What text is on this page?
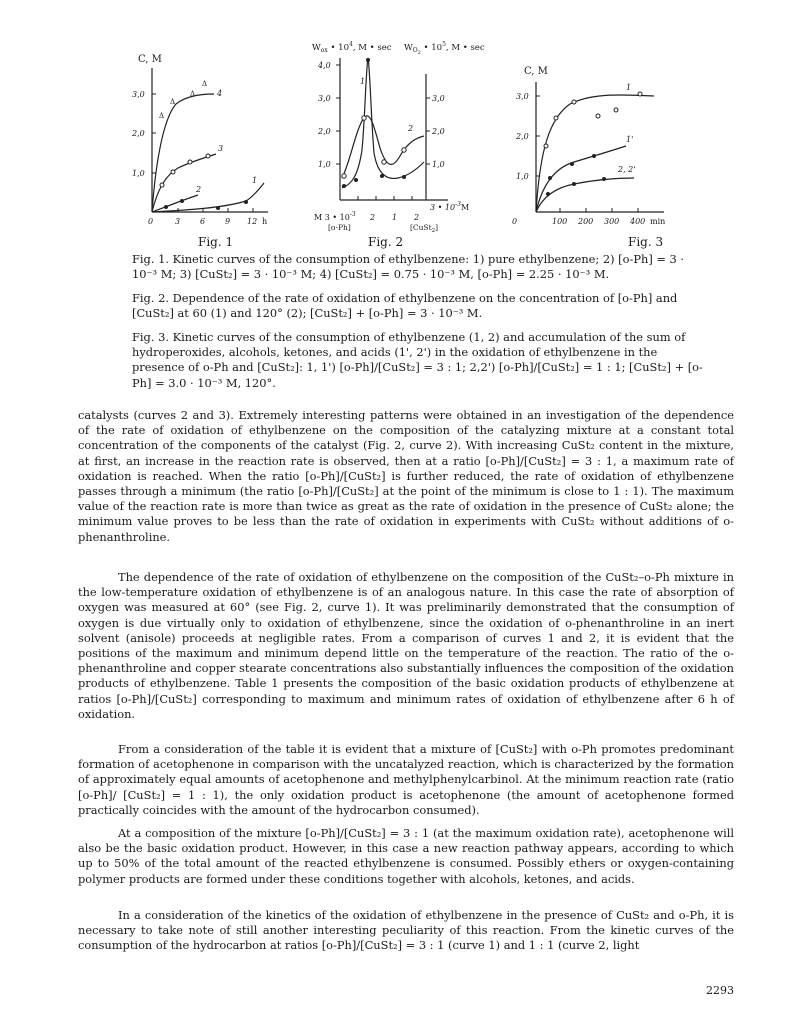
C, M
3,0
2,0
1,0
0	3 6 9 12 h
Δ
Δ
Δ
Δ
4
3
2
1
Fig. 1
$W_{ox}$ • $10^4$, M • $\sec W_{O2}$ • $10^5$, M • sec
4,0
3,0
2,0
1,0
3,0
2,0
1,0
1
2
3 • $10^{-3}M$
M 3 • $10^{-3}$ 2 1 2
[o-Ph]	[CuSt$_2$]
Fig. 2
C, M
3,0
2,0
1,0
0	100 200 300 400 min
1
1'
2, 2'
Fig. 3
Fig. 1. Kinetic curves of the consumption of ethylbenzene: 1) pure ethylbenzene; 2) [o-Ph] = 3 · 10⁻³ M; 3) [CuSt₂] = 3 · 10⁻³ M; 4) [CuSt₂] = 0.75 · 10⁻³ M, [o-Ph] = 2.25 · 10⁻³ M.
Fig. 2. Dependence of the rate of oxidation of ethylbenzene on the concentration of [o-Ph] and [CuSt₂] at 60 (1) and 120° (2); [CuSt₂] + [o-Ph] = 3 · 10⁻³ M.
Fig. 3. Kinetic curves of the consumption of ethylbenzene (1, 2) and accumulation of the sum of hydroperoxides, alcohols, ketones, and acids (1', 2') in the oxidation of ethylbenzene in the presence of o-Ph and [CuSt₂]: 1, 1') [o-Ph]/[CuSt₂] = 3 : 1; 2,2') [o-Ph]/[CuSt₂] = 1 : 1; [CuSt₂] + [o-Ph] = 3.0 · 10⁻³ M, 120°.
catalysts (curves 2 and 3). Extremely interesting patterns were obtained in an investigation of the dependence of the rate of oxidation of ethylbenzene on the composition of the catalyzing mixture at a constant total concentration of the components of the catalyst (Fig. 2, curve 2). With increasing CuSt₂ content in the mixture, at first, an increase in the reaction rate is observed, then at a ratio [o-Ph]/[CuSt₂] = 3 : 1, a maximum rate of oxidation is reached. When the ratio [o-Ph]/[CuSt₂] is further reduced, the rate of oxidation of ethylbenzene passes through a minimum (the ratio [o-Ph]/[CuSt₂] at the point of the minimum is close to 1 : 1). The maximum value of the reaction rate is more than twice as great as the rate of oxidation in the presence of CuSt₂ alone; the minimum value proves to be less than the rate of oxidation in experiments with CuSt₂ without additions of o-phenanthroline.
The dependence of the rate of oxidation of ethylbenzene on the composition of the CuSt₂–o-Ph mixture in the low-temperature oxidation of ethylbenzene is of an analogous nature. In this case the rate of absorption of oxygen was measured at 60° (see Fig. 2, curve 1). It was preliminarily demonstrated that the consumption of oxygen is due virtually only to oxidation of ethylbenzene, since the oxidation of o-phenanthroline in an inert solvent (anisole) proceeds at negligible rates. From a comparison of curves 1 and 2, it is evident that the positions of the maximum and minimum depend little on the temperature of the reaction. The ratio of the o-phenanthroline and copper stearate concentrations also substantially influences the composition of the oxidation products of ethylbenzene. Table 1 presents the composition of the basic oxidation products of ethylbenzene at ratios [o-Ph]/[CuSt₂] corresponding to maximum and minimum rates of oxidation of ethylbenzene after 6 h of oxidation.
From a consideration of the table it is evident that a mixture of [CuSt₂] with o-Ph promotes predominant formation of acetophenone in comparison with the uncatalyzed reaction, which is characterized by the formation of approximately equal amounts of acetophenone and methylphenylcarbinol. At the minimum reaction rate (ratio [o-Ph]/ [CuSt₂] = 1 : 1), the only oxidation product is acetophenone (the amount of acetophenone formed practically coincides with the amount of the hydrocarbon consumed).
At a composition of the mixture [o-Ph]/[CuSt₂] = 3 : 1 (at the maximum oxidation rate), acetophenone will also be the basic oxidation product. However, in this case a new reaction pathway appears, according to which up to 50% of the total amount of the reacted ethylbenzene is consumed. Possibly ethers or oxygen-containing polymer products are formed under these conditions together with alcohols, ketones, and acids.
In a consideration of the kinetics of the oxidation of ethylbenzene in the presence of CuSt₂ and o-Ph, it is necessary to take note of still another interesting peculiarity of this reaction. From the kinetic curves of the consumption of the hydrocarbon at ratios [o-Ph]/[CuSt₂] = 3 : 1 (curve 1) and 1 : 1 (curve 2, light
2293
